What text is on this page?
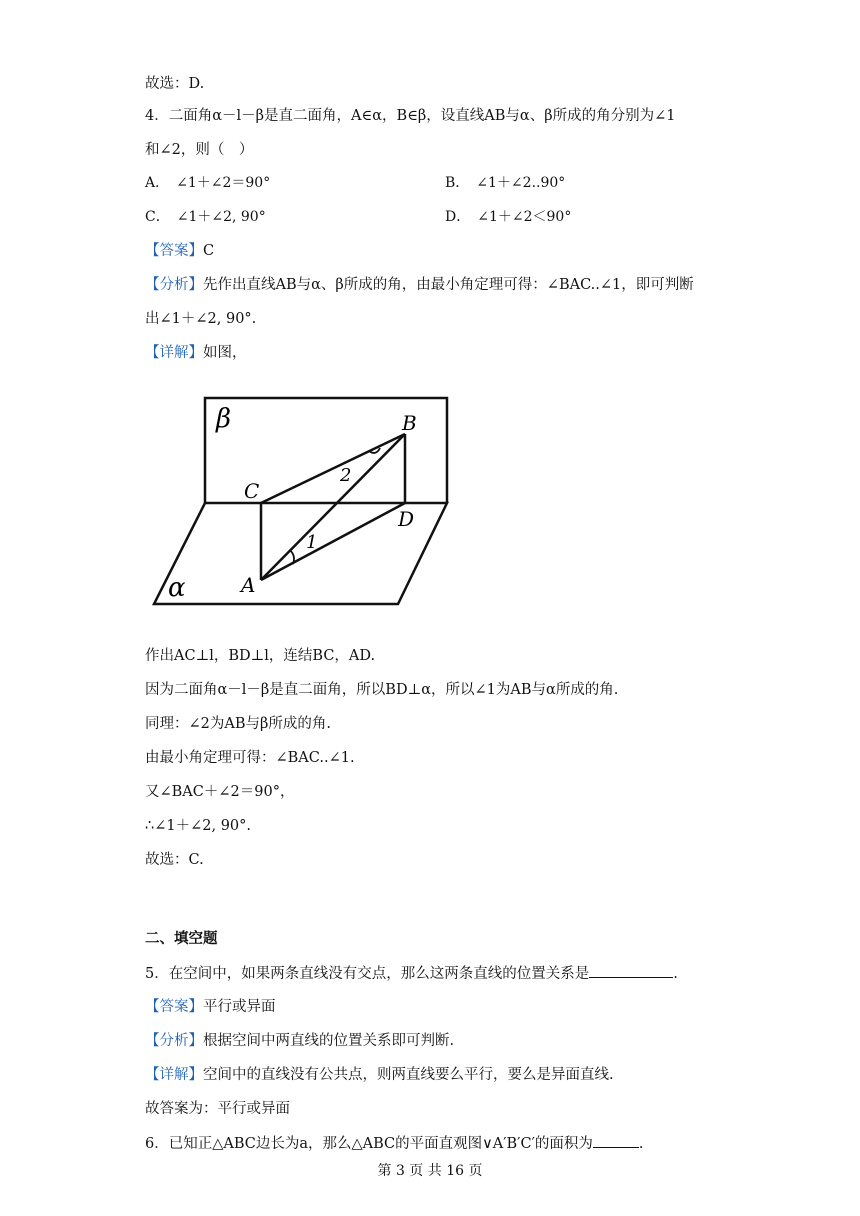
故选：D.
4．二面角α－l－β是直二面角，A∈α，B∈β，设直线AB与α、β所成的角分别为∠1
和∠2，则（　）
A．　∠1＋∠2＝90°	B．　∠1＋∠2..90°
C．　∠1＋∠2, 90°	D．　∠1＋∠2＜90°
【答案】C
【分析】先作出直线AB与α、β所成的角，由最小角定理可得：∠BAC..∠1，即可判断
出∠1＋∠2, 90°.
【详解】如图，
β
α
B
C
D
A
1
2
作出AC⊥l，BD⊥l，连结BC，AD.
因为二面角α－l－β是直二面角，所以BD⊥α，所以∠1为AB与α所成的角.
同理：∠2为AB与β所成的角.
由最小角定理可得：∠BAC..∠1.
又∠BAC＋∠2＝90°，
∴∠1＋∠2, 90°.
故选：C.
二、填空题
5．在空间中，如果两条直线没有交点，那么这两条直线的位置关系是	.
【答案】平行或异面
【分析】根据空间中两直线的位置关系即可判断.
【详解】空间中的直线没有公共点，则两直线要么平行，要么是异面直线.
故答案为：平行或异面
6．已知正△ABC边长为a，那么△ABC的平面直观图∨A′B′C′的面积为	.
第 3 页 共 16 页
